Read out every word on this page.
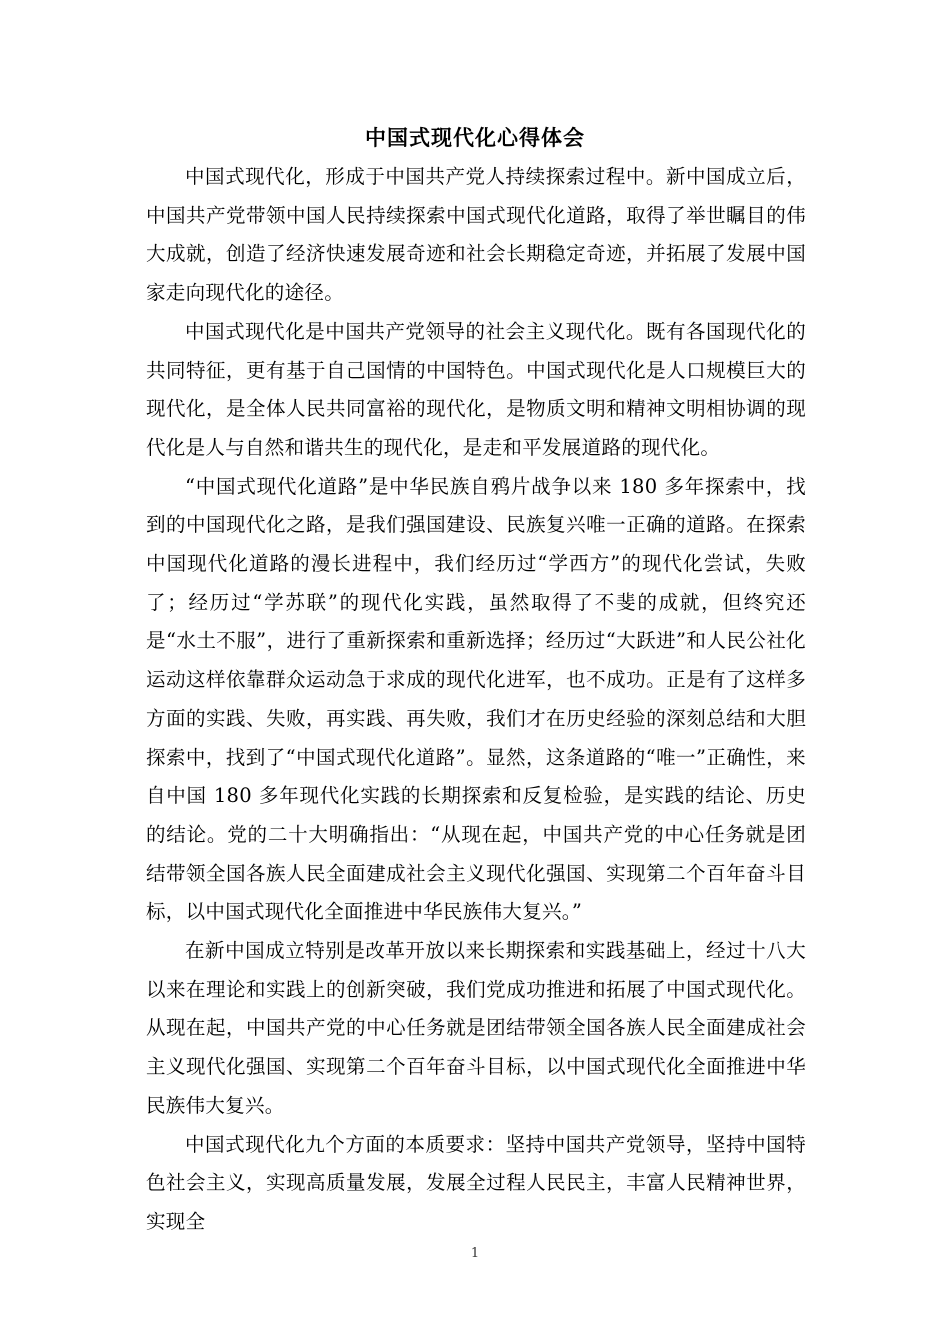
中国式现代化心得体会

中国式现代化，形成于中国共产党人持续探索过程中。新中国成立后，中国共产党带领中国人民持续探索中国式现代化道路，取得了举世瞩目的伟大成就，创造了经济快速发展奇迹和社会长期稳定奇迹，并拓展了发展中国家走向现代化的途径。

中国式现代化是中国共产党领导的社会主义现代化。既有各国现代化的共同特征，更有基于自己国情的中国特色。中国式现代化是人口规模巨大的现代化，是全体人民共同富裕的现代化，是物质文明和精神文明相协调的现代化是人与自然和谐共生的现代化，是走和平发展道路的现代化。

“中国式现代化道路”是中华民族自鸦片战争以来 180 多年探索中，找到的中国现代化之路，是我们强国建设、民族复兴唯一正确的道路。在探索中国现代化道路的漫长进程中，我们经历过“学西方”的现代化尝试，失败了；经历过“学苏联”的现代化实践，虽然取得了不斐的成就，但终究还是“水土不服”，进行了重新探索和重新选择；经历过“大跃进”和人民公社化运动这样依靠群众运动急于求成的现代化进军，也不成功。正是有了这样多方面的实践、失败，再实践、再失败，我们才在历史经验的深刻总结和大胆探索中，找到了“中国式现代化道路”。显然，这条道路的“唯一”正确性，来自中国 180 多年现代化实践的长期探索和反复检验，是实践的结论、历史的结论。党的二十大明确指出：“从现在起，中国共产党的中心任务就是团结带领全国各族人民全面建成社会主义现代化强国、实现第二个百年奋斗目标，以中国式现代化全面推进中华民族伟大复兴。”

在新中国成立特别是改革开放以来长期探索和实践基础上，经过十八大以来在理论和实践上的创新突破，我们党成功推进和拓展了中国式现代化。从现在起，中国共产党的中心任务就是团结带领全国各族人民全面建成社会主义现代化强国、实现第二个百年奋斗目标，以中国式现代化全面推进中华民族伟大复兴。

中国式现代化九个方面的本质要求：坚持中国共产党领导，坚持中国特色社会主义，实现高质量发展，发展全过程人民民主，丰富人民精神世界，实现全

1
